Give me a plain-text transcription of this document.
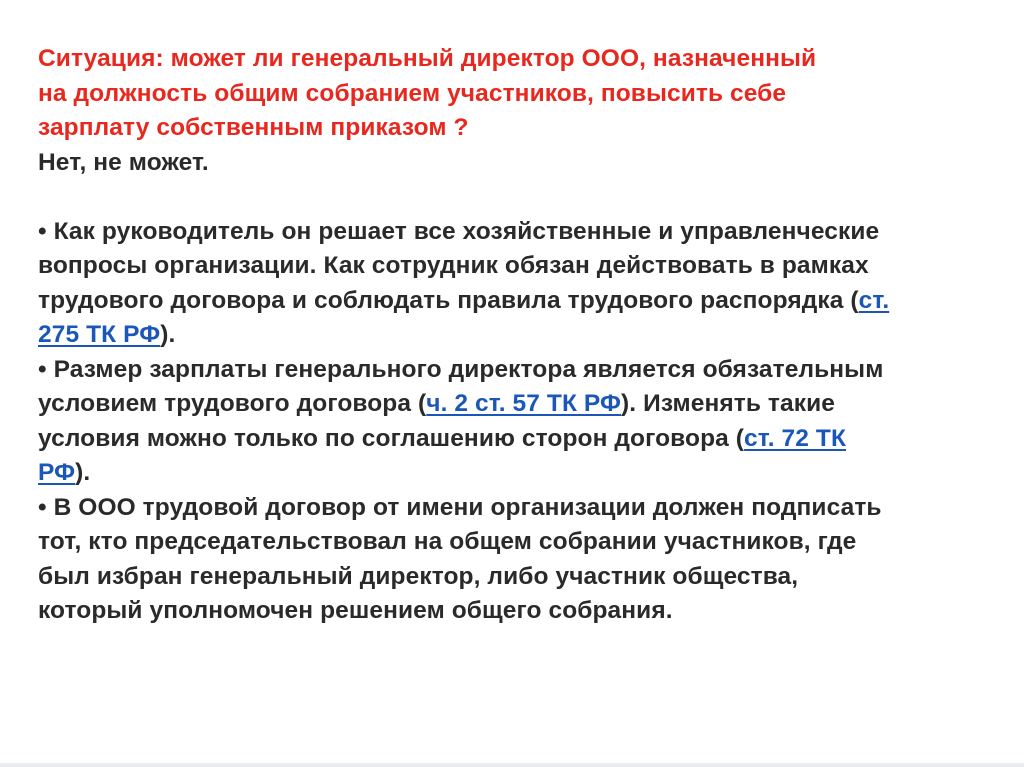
Ситуация: может ли генеральный директор ООО, назначенный
на должность общим собранием участников, повысить себе
зарплату собственным приказом ?
Нет, не может.
• Как руководитель он решает все хозяйственные и управленческие
вопросы организации. Как сотрудник обязан действовать в рамках
трудового договора и соблюдать правила трудового распорядка (ст.
275 ТК РФ).
• Размер зарплаты генерального директора является обязательным
условием трудового договора (ч. 2 ст. 57 ТК РФ). Изменять такие
условия можно только по соглашению сторон договора (ст. 72 ТК
РФ).
• В ООО трудовой договор от имени организации должен подписать
тот, кто председательствовал на общем собрании участников, где
был избран генеральный директор, либо участник общества,
который уполномочен решением общего собрания.
